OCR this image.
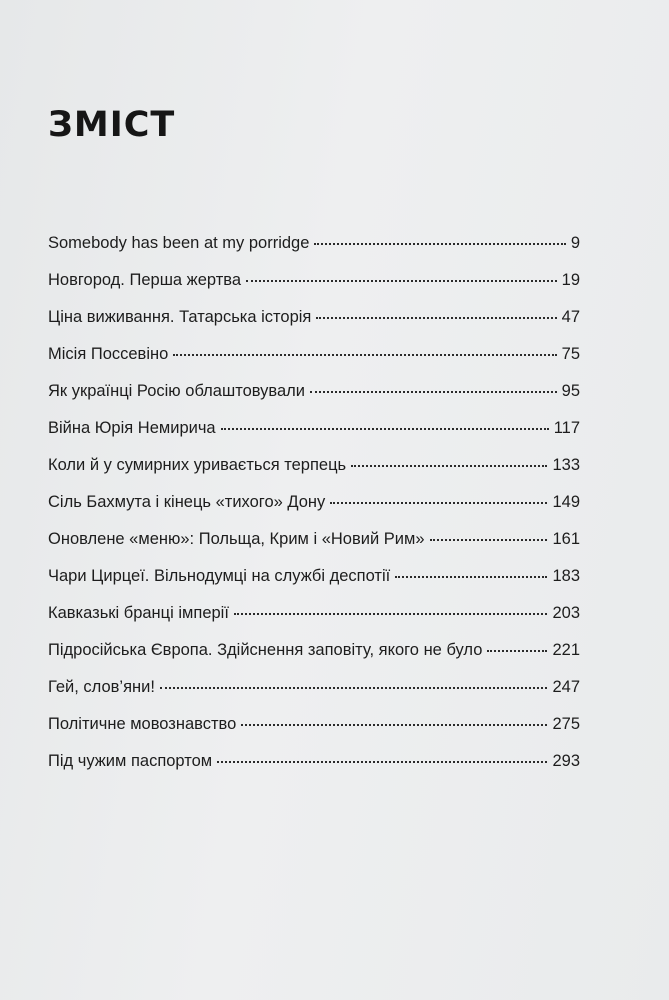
ЗМІСТ
Somebody has been at my porridge	9
Новгород. Перша жертва	19
Ціна виживання. Татарська історія	47
Місія Поссевіно	75
Як українці Росію облаштовували	95
Війна Юрія Немирича	117
Коли й у сумирних уривається терпець	133
Сіль Бахмута і кінець «тихого» Дону	149
Оновлене «меню»: Польща, Крим і «Новий Рим»	161
Чари Цирцеї. Вільнодумці на службі деспотії	183
Кавказькі бранці імперії	203
Підросійська Європа. Здійснення заповіту, якого не було	221
Гей, слов’яни!	247
Політичне мовознавство	275
Під чужим паспортом	293
